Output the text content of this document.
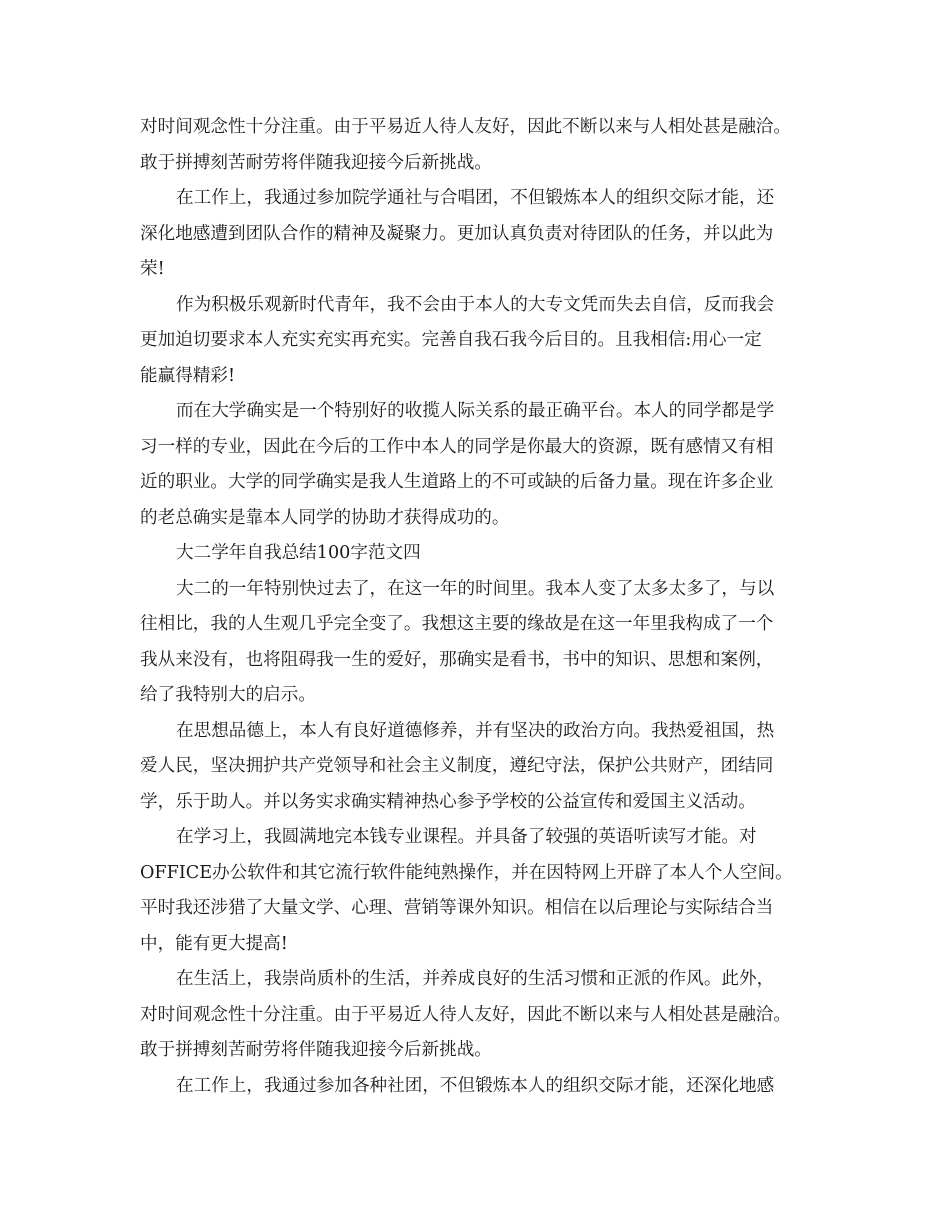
对时间观念性十分注重。由于平易近人待人友好，因此不断以来与人相处甚是融洽。
敢于拼搏刻苦耐劳将伴随我迎接今后新挑战。
在工作上，我通过参加院学通社与合唱团，不但锻炼本人的组织交际才能，还
深化地感遭到团队合作的精神及凝聚力。更加认真负责对待团队的任务，并以此为
荣!
作为积极乐观新时代青年，我不会由于本人的大专文凭而失去自信，反而我会
更加迫切要求本人充实充实再充实。完善自我石我今后目的。且我相信:用心一定
能赢得精彩!
而在大学确实是一个特别好的收揽人际关系的最正确平台。本人的同学都是学
习一样的专业，因此在今后的工作中本人的同学是你最大的资源，既有感情又有相
近的职业。大学的同学确实是我人生道路上的不可或缺的后备力量。现在许多企业
的老总确实是靠本人同学的协助才获得成功的。
大二学年自我总结100字范文四
大二的一年特别快过去了，在这一年的时间里。我本人变了太多太多了，与以
往相比，我的人生观几乎完全变了。我想这主要的缘故是在这一年里我构成了一个
我从来没有，也将阻碍我一生的爱好，那确实是看书，书中的知识、思想和案例，
给了我特别大的启示。
在思想品德上，本人有良好道德修养，并有坚决的政治方向。我热爱祖国，热
爱人民，坚决拥护共产党领导和社会主义制度，遵纪守法，保护公共财产，团结同
学，乐于助人。并以务实求确实精神热心参予学校的公益宣传和爱国主义活动。
在学习上，我圆满地完本钱专业课程。并具备了较强的英语听读写才能。对
OFFICE办公软件和其它流行软件能纯熟操作，并在因特网上开辟了本人个人空间。
平时我还涉猎了大量文学、心理、营销等课外知识。相信在以后理论与实际结合当
中，能有更大提高!
在生活上，我崇尚质朴的生活，并养成良好的生活习惯和正派的作风。此外，
对时间观念性十分注重。由于平易近人待人友好，因此不断以来与人相处甚是融洽。
敢于拼搏刻苦耐劳将伴随我迎接今后新挑战。
在工作上，我通过参加各种社团，不但锻炼本人的组织交际才能，还深化地感
